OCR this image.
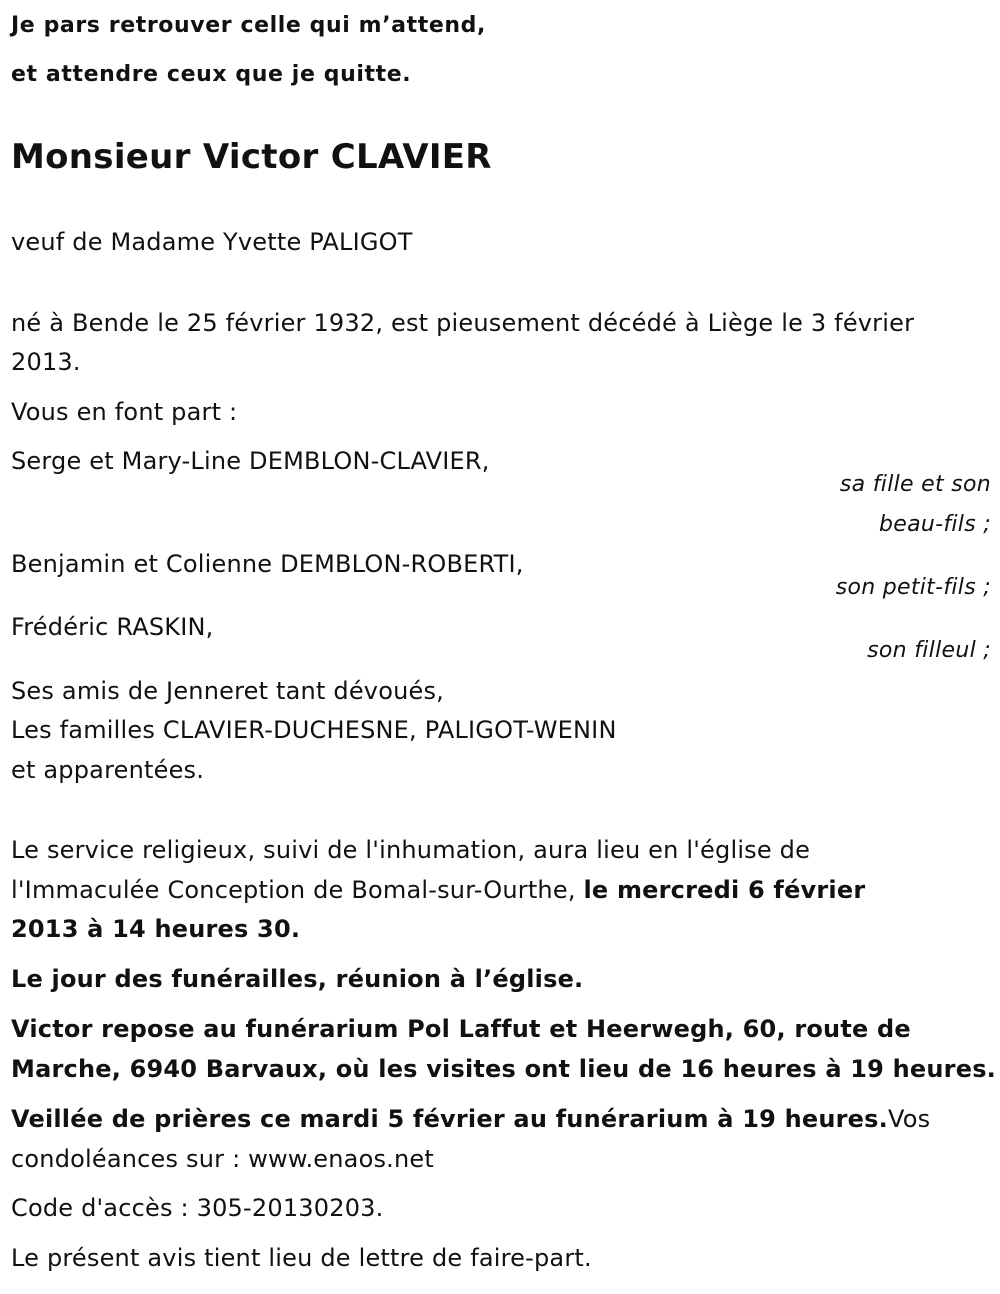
Je pars retrouver celle qui m’attend,
et attendre ceux que je quitte.
Monsieur Victor CLAVIER
veuf de Madame Yvette PALIGOT
né à Bende le 25 février 1932, est pieusement décédé à Liège le 3 février
2013.
Vous en font part :
Serge et Mary-Line DEMBLON-CLAVIER,
sa fille et son
beau-fils ;
Benjamin et Colienne DEMBLON-ROBERTI,
son petit-fils ;
Frédéric RASKIN,
son filleul ;
Ses amis de Jenneret tant dévoués,
Les familles CLAVIER-DUCHESNE, PALIGOT-WENIN
et apparentées.
Le service religieux, suivi de l'inhumation, aura lieu en l'église de
l'Immaculée Conception de Bomal-sur-Ourthe, le mercredi 6 février
2013 à 14 heures 30.
Le jour des funérailles, réunion à l’église.
Victor repose au funérarium Pol Laffut et Heerwegh, 60, route de
Marche, 6940 Barvaux, où les visites ont lieu de 16 heures à 19 heures.
Veillée de prières ce mardi 5 février au funérarium à 19 heures.Vos
condoléances sur : www.enaos.net
Code d'accès : 305-20130203.
Le présent avis tient lieu de lettre de faire-part.
